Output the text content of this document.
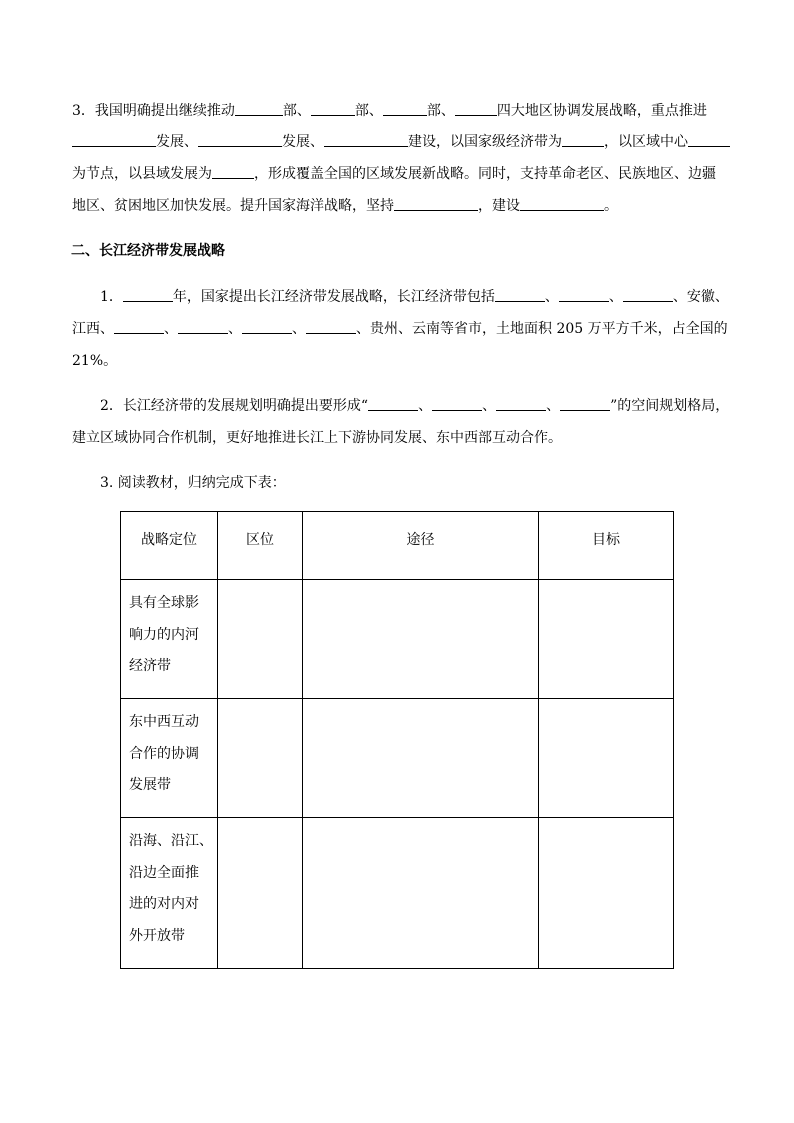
3．我国明确提出继续推动	部、	部、	部、	四大地区协调发展战略，重点推进
发展、	发展、	建设，以国家级经济带为	，以区域中心
为节点，以县域发展为	，形成覆盖全国的区域发展新战略。同时，支持革命老区、民族地区、边疆
地区、贫困地区加快发展。提升国家海洋战略，坚持	，建设	。
二、长江经济带发展战略
1．	年，国家提出长江经济带发展战略，长江经济带包括	、	、	、安徽、
江西、	、	、	、	、贵州、云南等省市，土地面积 205 万平方千米，占全国的
21%。
2．长江经济带的发展规划明确提出要形成“	、	、	、	”的空间规划格局，
建立区域协同合作机制，更好地推进长江上下游协同发展、东中西部互动合作。
3. 阅读教材，归纳完成下表：
战略定位	区位	途径	目标

具有全球影
响力的内河
经济带			

东中西互动
合作的协调
发展带			

沿海、沿江、
沿边全面推
进的对内对
外开放带			
